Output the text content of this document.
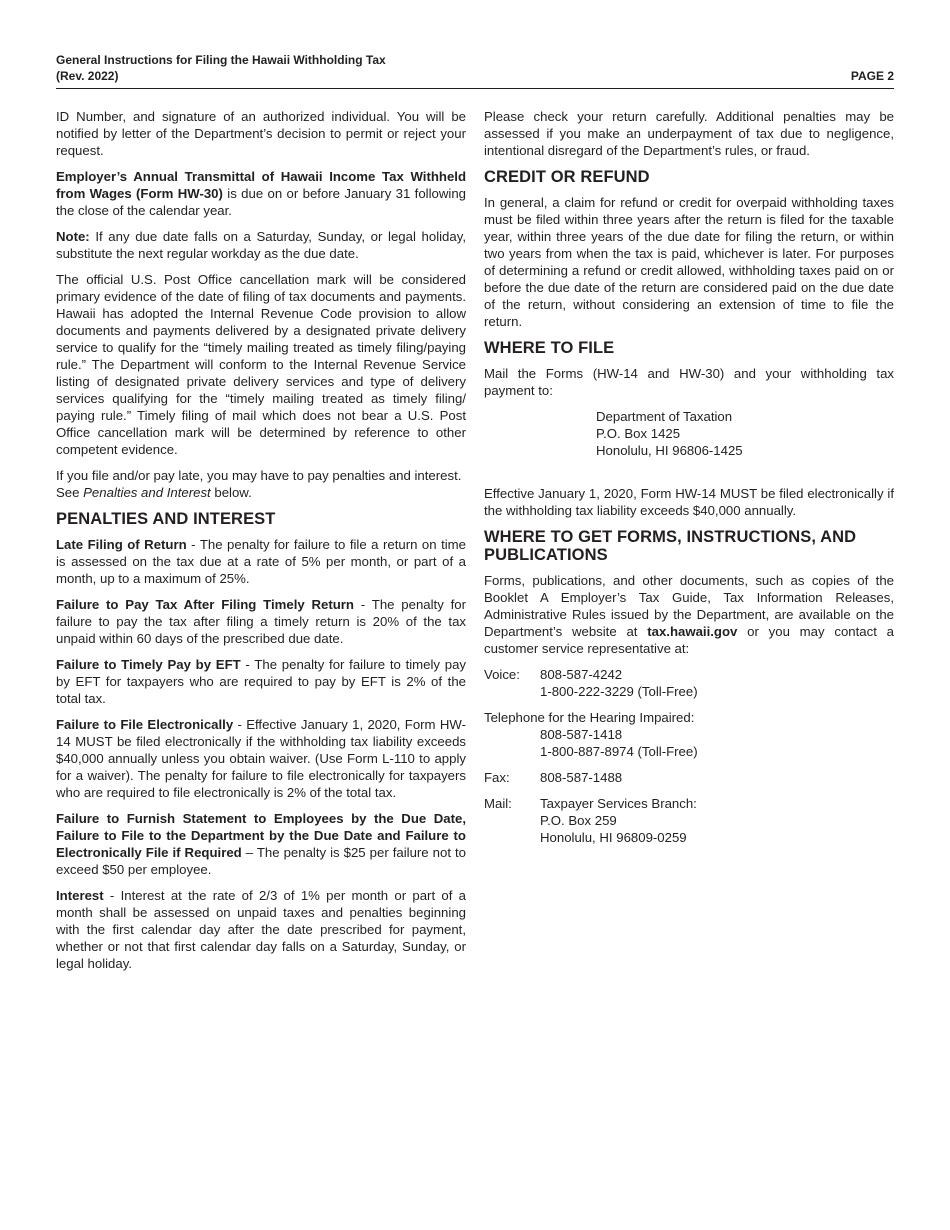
General Instructions for Filing the Hawaii Withholding Tax
(Rev. 2022)	PAGE 2

ID Number, and signature of an authorized individual. You will be notified by letter of the Department’s decision to permit or reject your request.

Employer’s Annual Transmittal of Hawaii Income Tax Withheld from Wages (Form HW-30) is due on or before January 31 following the close of the calendar year.

Note: If any due date falls on a Saturday, Sunday, or legal holiday, substitute the next regular workday as the due date.

The official U.S. Post Office cancellation mark will be considered primary evidence of the date of filing of tax documents and payments. Hawaii has adopted the Internal Revenue Code provision to allow documents and payments delivered by a designated private delivery service to qualify for the “timely mailing treated as timely filing/paying rule.” The Department will conform to the Internal Revenue Service listing of designated private delivery services and type of delivery services qualifying for the “timely mailing treated as timely filing/ paying rule.” Timely filing of mail which does not bear a U.S. Post Office cancellation mark will be determined by reference to other competent evidence.

If you file and/or pay late, you may have to pay penalties and interest. See Penalties and Interest below.

PENALTIES AND INTEREST

Late Filing of Return - The penalty for failure to file a return on time is assessed on the tax due at a rate of 5% per month, or part of a month, up to a maximum of 25%.

Failure to Pay Tax After Filing Timely Return - The penalty for failure to pay the tax after filing a timely return is 20% of the tax unpaid within 60 days of the prescribed due date.

Failure to Timely Pay by EFT - The penalty for failure to timely pay by EFT for taxpayers who are required to pay by EFT is 2% of the total tax.

Failure to File Electronically - Effective January 1, 2020, Form HW-14 MUST be filed electronically if the withholding tax liability exceeds $40,000 annually unless you obtain waiver. (Use Form L-110 to apply for a waiver). The penalty for failure to file electronically for taxpayers who are required to file electronically is 2% of the total tax.

Failure to Furnish Statement to Employees by the Due Date, Failure to File to the Department by the Due Date and Failure to Electronically File if Required – The penalty is $25 per failure not to exceed $50 per employee.

Interest - Interest at the rate of 2/3 of 1% per month or part of a month shall be assessed on unpaid taxes and penalties beginning with the first calendar day after the date prescribed for payment, whether or not that first calendar day falls on a Saturday, Sunday, or legal holiday.

Please check your return carefully. Additional penalties may be assessed if you make an underpayment of tax due to negligence, intentional disregard of the Department’s rules, or fraud.

CREDIT OR REFUND

In general, a claim for refund or credit for overpaid withholding taxes must be filed within three years after the return is filed for the taxable year, within three years of the due date for filing the return, or within two years from when the tax is paid, whichever is later. For purposes of determining a refund or credit allowed, withholding taxes paid on or before the due date of the return are considered paid on the due date of the return, without considering an extension of time to file the return.

WHERE TO FILE

Mail the Forms (HW-14 and HW-30) and your withholding tax payment to:

Department of Taxation
P.O. Box 1425
Honolulu, HI 96806-1425

Effective January 1, 2020, Form HW-14 MUST be filed electronically if the withholding tax liability exceeds $40,000 annually.

WHERE TO GET FORMS, INSTRUCTIONS, AND PUBLICATIONS

Forms, publications, and other documents, such as copies of the Booklet A Employer’s Tax Guide, Tax Information Releases, Administrative Rules issued by the Department, are available on the Department’s website at tax.hawaii.gov or you may contact a customer service representative at:

Voice:	808-587-4242
1-800-222-3229 (Toll-Free)
Telephone for the Hearing Impaired:
808-587-1418
1-800-887-8974 (Toll-Free)
Fax:	808-587-1488
Mail:	Taxpayer Services Branch:
P.O. Box 259
Honolulu, HI 96809-0259
